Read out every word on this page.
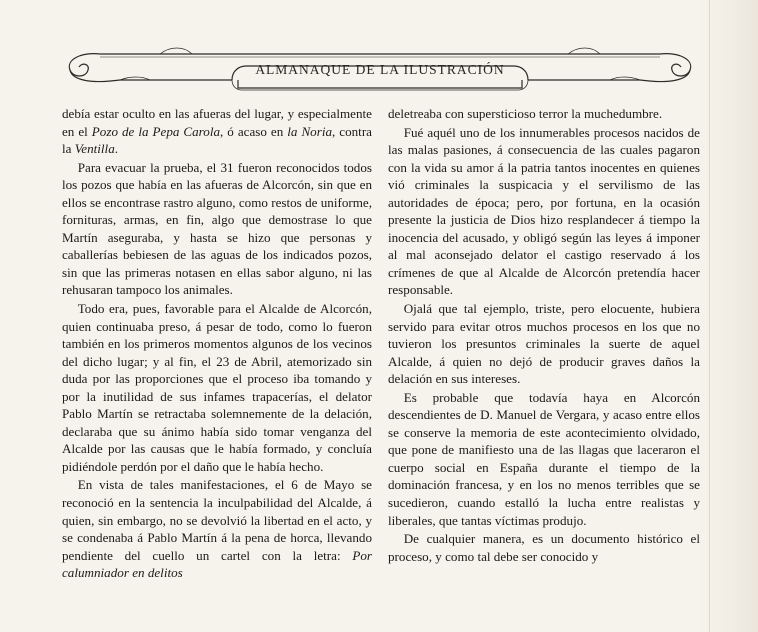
ALMANAQUE DE LA ILUSTRACIÓN

debía estar oculto en las afueras del lugar, y especialmente en el Pozo de la Pepa Carola, ó acaso en la Noria, contra la Ventilla.

Para evacuar la prueba, el 31 fueron reconocidos todos los pozos que había en las afueras de Alcorcón, sin que en ellos se encontrase rastro alguno, como restos de uniforme, fornituras, armas, en fin, algo que demostrase lo que Martín aseguraba, y hasta se hizo que personas y caballerías bebiesen de las aguas de los indicados pozos, sin que las primeras notasen en ellas sabor alguno, ni las rehusaran tampoco los animales.

Todo era, pues, favorable para el Alcalde de Alcorcón, quien continuaba preso, á pesar de todo, como lo fueron también en los primeros momentos algunos de los vecinos del dicho lugar; y al fin, el 23 de Abril, atemorizado sin duda por las proporciones que el proceso iba tomando y por la inutilidad de sus infames trapacerías, el delator Pablo Martín se retractaba solemnemente de la delación, declaraba que su ánimo había sido tomar venganza del Alcalde por las causas que le había formado, y concluía pidiéndole perdón por el daño que le había hecho.

En vista de tales manifestaciones, el 6 de Mayo se reconoció en la sentencia la inculpabilidad del Alcalde, á quien, sin embargo, no se devolvió la libertad en el acto, y se condenaba á Pablo Martín á la pena de horca, llevando pendiente del cuello un cartel con la letra: Por calumniador en delitos

deletreaba con supersticioso terror la muchedumbre.

Fué aquél uno de los innumerables procesos nacidos de las malas pasiones, á consecuencia de las cuales pagaron con la vida su amor á la patria tantos inocentes en quienes vió criminales la suspicacia y el servilismo de las autoridades de época; pero, por fortuna, en la ocasión presente la justicia de Dios hizo resplandecer á tiempo la inocencia del acusado, y obligó según las leyes á imponer al mal aconsejado delator el castigo reservado á los crímenes de que al Alcalde de Alcorcón pretendía hacer responsable.

Ojalá que tal ejemplo, triste, pero elocuente, hubiera servido para evitar otros muchos procesos en los que no tuvieron los presuntos criminales la suerte de aquel Alcalde, á quien no dejó de producir graves daños la delación en sus intereses.

Es probable que todavía haya en Alcorcón descendientes de D. Manuel de Vergara, y acaso entre ellos se conserve la memoria de este acontecimiento olvidado, que pone de manifiesto una de las llagas que laceraron el cuerpo social en España durante el tiempo de la dominación francesa, y en los no menos terribles que se sucedieron, cuando estalló la lucha entre realistas y liberales, que tantas víctimas produjo.

De cualquier manera, es un documento histórico el proceso, y como tal debe ser conocido y
